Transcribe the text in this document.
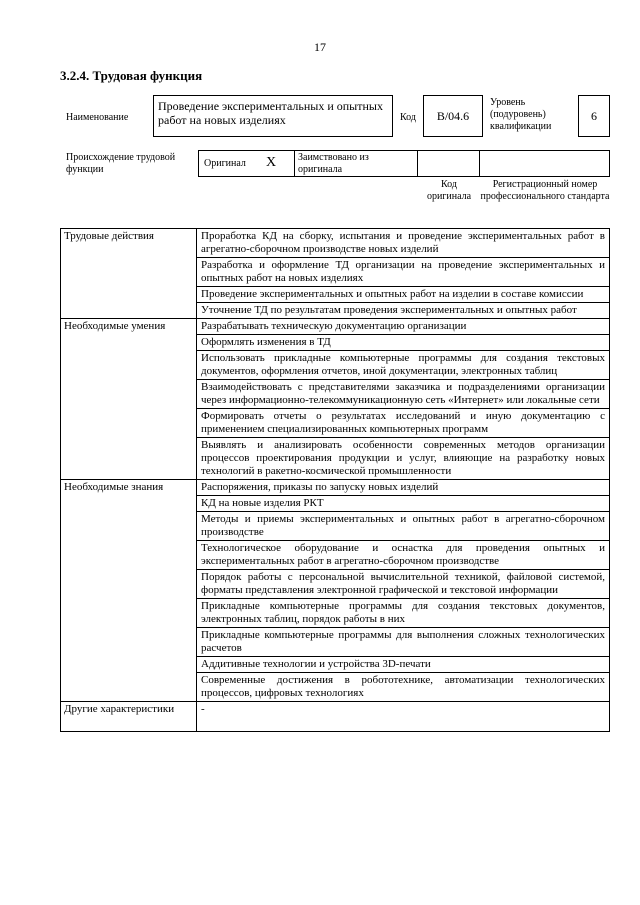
17
3.2.4. Трудовая функция
Наименование
Проведение экспериментальных и опытных работ на новых изделиях	Код	B/04.6
Уровень (подуровень) квалификации
6
Происхождение трудовой функции
Оригинал X Заимствовано из оригинала
Код оригинала
Регистрационный номер профессионального стандарта
Трудовые действия	Проработка КД на сборку, испытания и проведение экспериментальных работ в агрегатно-сборочном производстве новых изделий
	Разработка и оформление ТД организации на проведение экспериментальных и опытных работ на новых изделиях
	Проведение экспериментальных и опытных работ на изделии в составе комиссии
	Уточнение ТД по результатам проведения экспериментальных и опытных работ
Необходимые умения	Разрабатывать техническую документацию организации
	Оформлять изменения в ТД
	Использовать прикладные компьютерные программы для создания текстовых документов, оформления отчетов, иной документации, электронных таблиц
	Взаимодействовать с представителями заказчика и подразделениями организации через информационно-телекоммуникационную сеть «Интернет» или локальные сети
	Формировать отчеты о результатах исследований и иную документацию с применением специализированных компьютерных программ
	Выявлять и анализировать особенности современных методов организации процессов проектирования продукции и услуг, влияющие на разработку новых технологий в ракетно-космической промышленности
Необходимые знания	Распоряжения, приказы по запуску новых изделий
	КД на новые изделия РКТ
	Методы и приемы экспериментальных и опытных работ в агрегатно-сборочном производстве
	Технологическое оборудование и оснастка для проведения опытных и экспериментальных работ в агрегатно-сборочном производстве
	Порядок работы с персональной вычислительной техникой, файловой системой, форматы представления электронной графической и текстовой информации
	Прикладные компьютерные программы для создания текстовых документов, электронных таблиц, порядок работы в них
	Прикладные компьютерные программы для выполнения сложных технологических расчетов
	Аддитивные технологии и устройства 3D-печати
	Современные достижения в робототехнике, автоматизации технологических процессов, цифровых технологиях
Другие характеристики	-
